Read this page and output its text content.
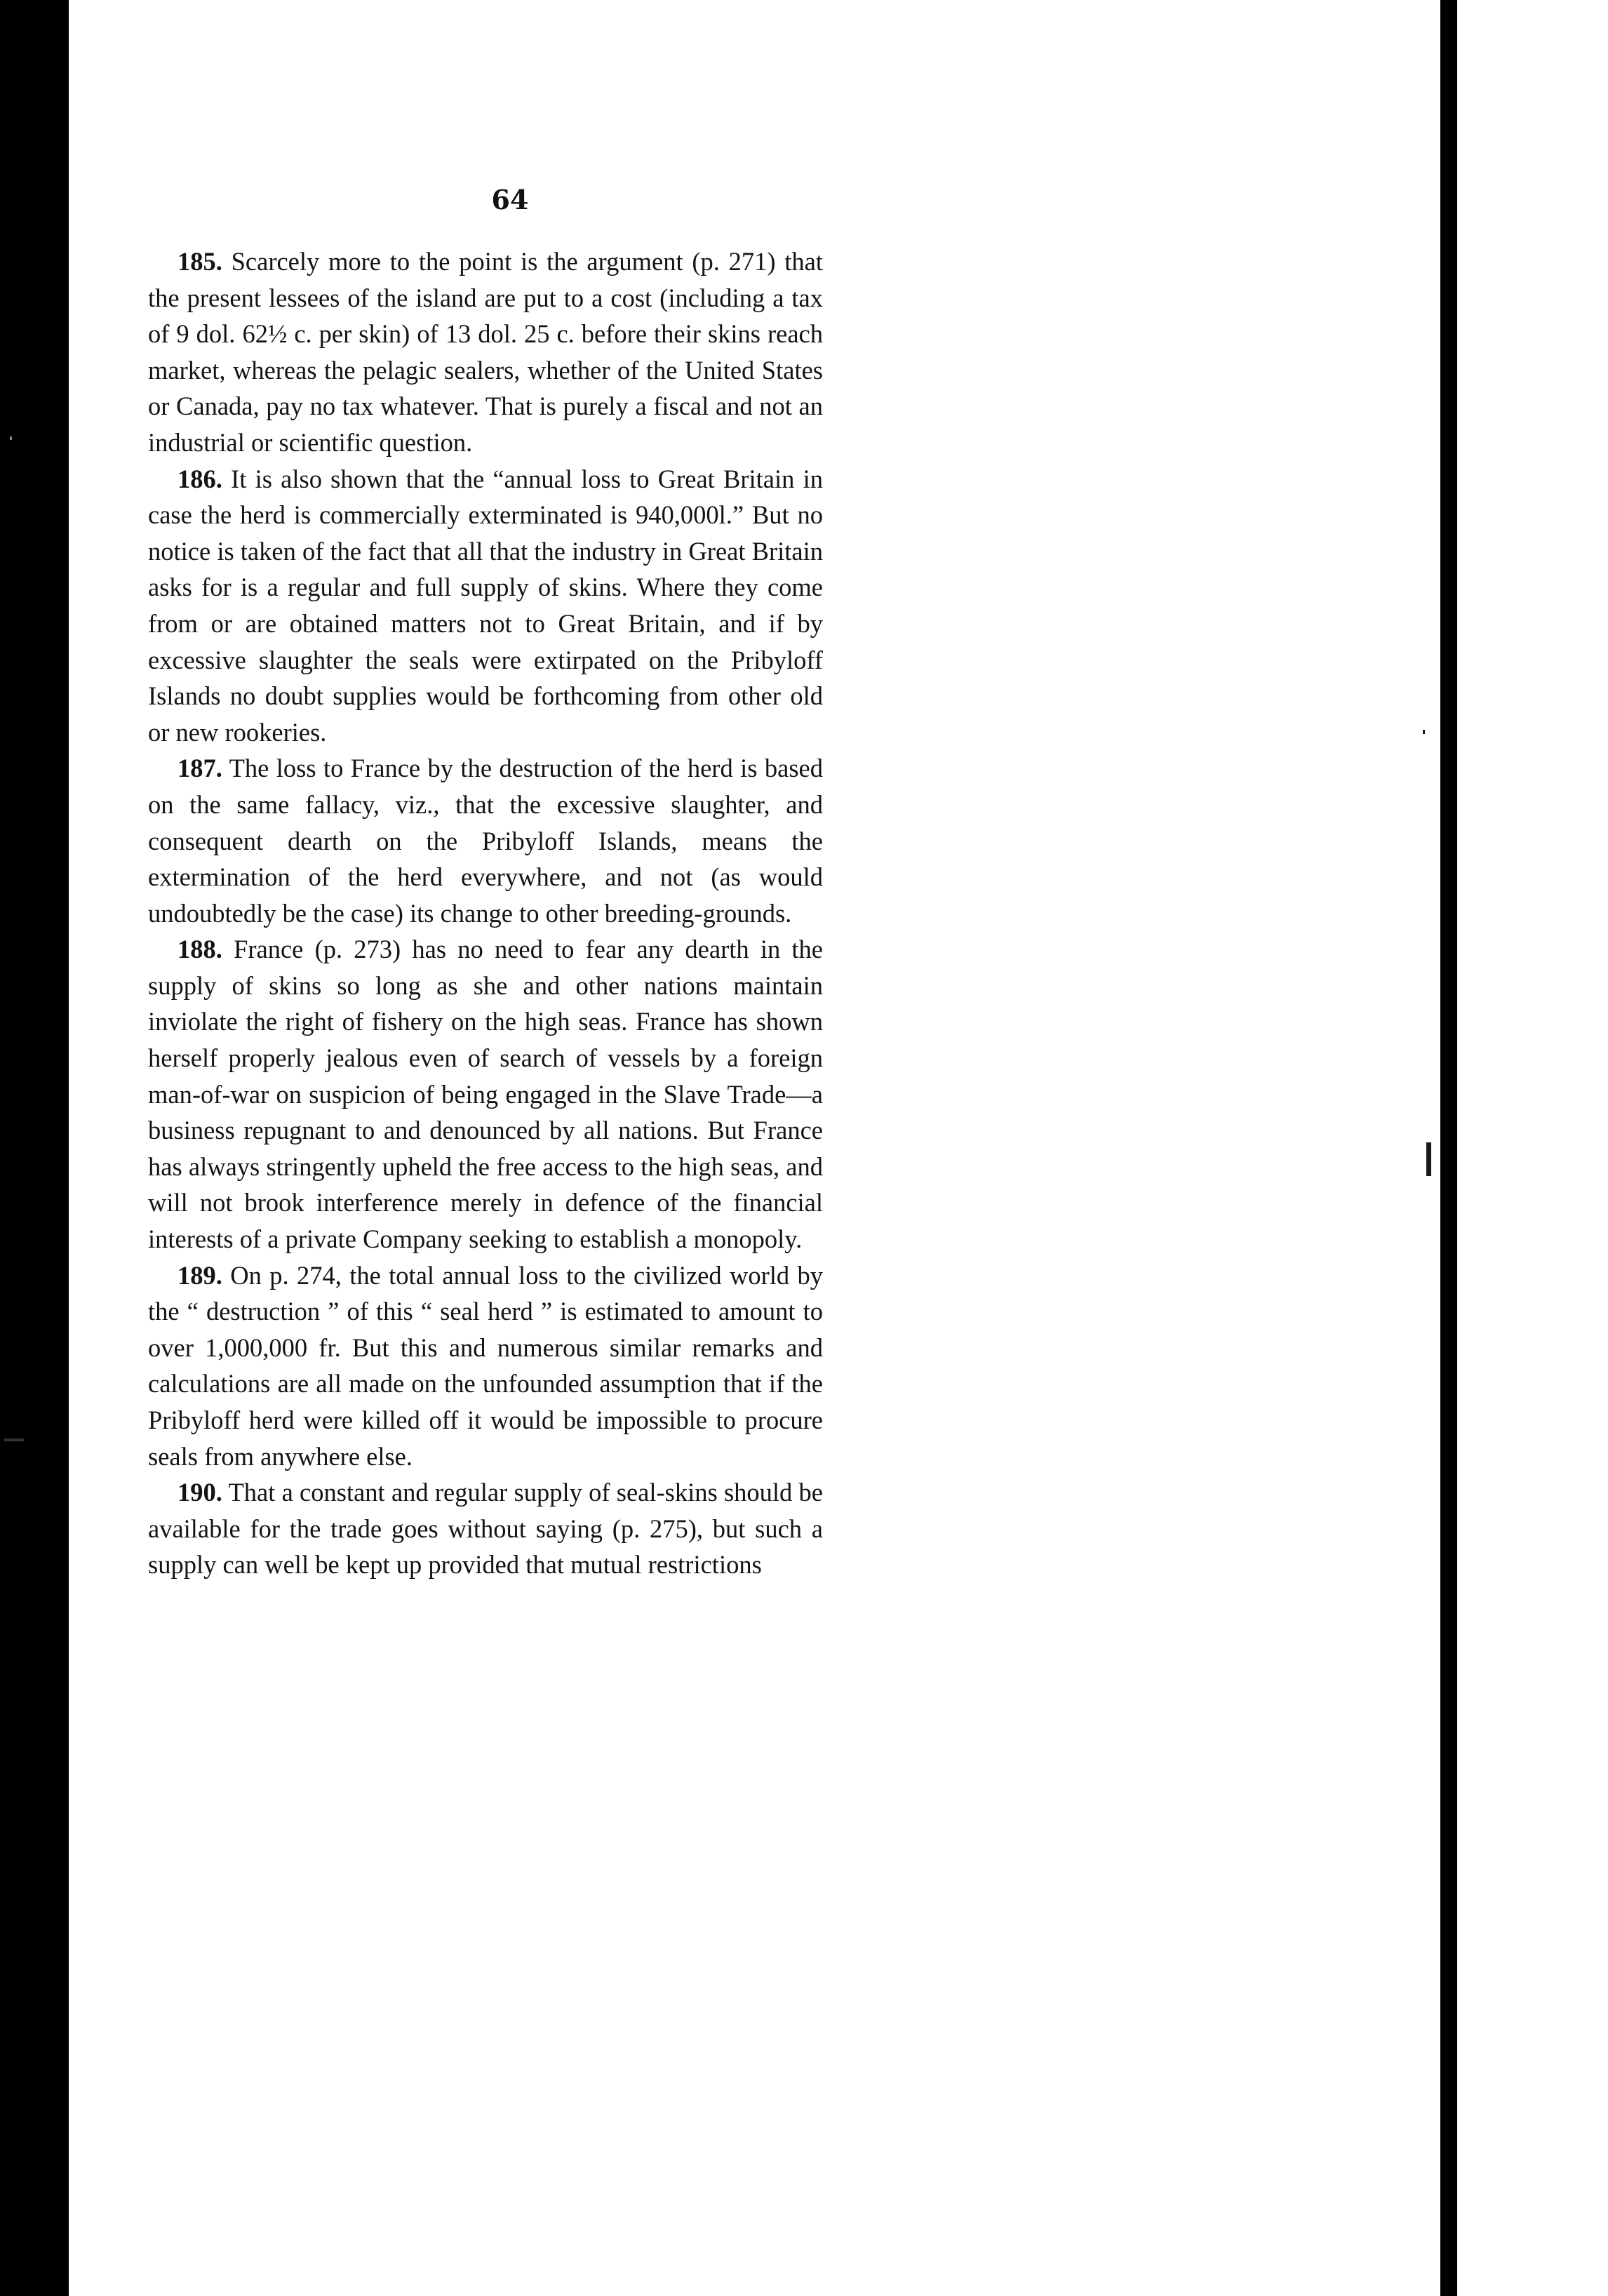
64

185. Scarcely more to the point is the argument (p. 271) that the present lessees of the island are put to a cost (including a tax of 9 dol. 62½ c. per skin) of 13 dol. 25 c. before their skins reach market, whereas the pelagic sealers, whether of the United States or Canada, pay no tax whatever. That is purely a fiscal and not an industrial or scientific question.

186. It is also shown that the “annual loss to Great Britain in case the herd is commercially exterminated is 940,000l.” But no notice is taken of the fact that all that the industry in Great Britain asks for is a regular and full supply of skins. Where they come from or are obtained matters not to Great Britain, and if by excessive slaughter the seals were extirpated on the Pribyloff Islands no doubt supplies would be forthcoming from other old or new rookeries.

187. The loss to France by the destruction of the herd is based on the same fallacy, viz., that the excessive slaughter, and consequent dearth on the Pribyloff Islands, means the extermination of the herd everywhere, and not (as would undoubtedly be the case) its change to other breeding-grounds.

188. France (p. 273) has no need to fear any dearth in the supply of skins so long as she and other nations maintain inviolate the right of fishery on the high seas. France has shown herself properly jealous even of search of vessels by a foreign man-of-war on suspicion of being engaged in the Slave Trade—a business repugnant to and denounced by all nations. But France has always stringently upheld the free access to the high seas, and will not brook interference merely in defence of the financial interests of a private Company seeking to establish a monopoly.

189. On p. 274, the total annual loss to the civilized world by the “ destruction ” of this “ seal herd ” is estimated to amount to over 1,000,000 fr. But this and numerous similar remarks and calculations are all made on the unfounded assumption that if the Pribyloff herd were killed off it would be impossible to procure seals from anywhere else.

190. That a constant and regular supply of seal-skins should be available for the trade goes without saying (p. 275), but such a supply can well be kept up provided that mutual restrictions
